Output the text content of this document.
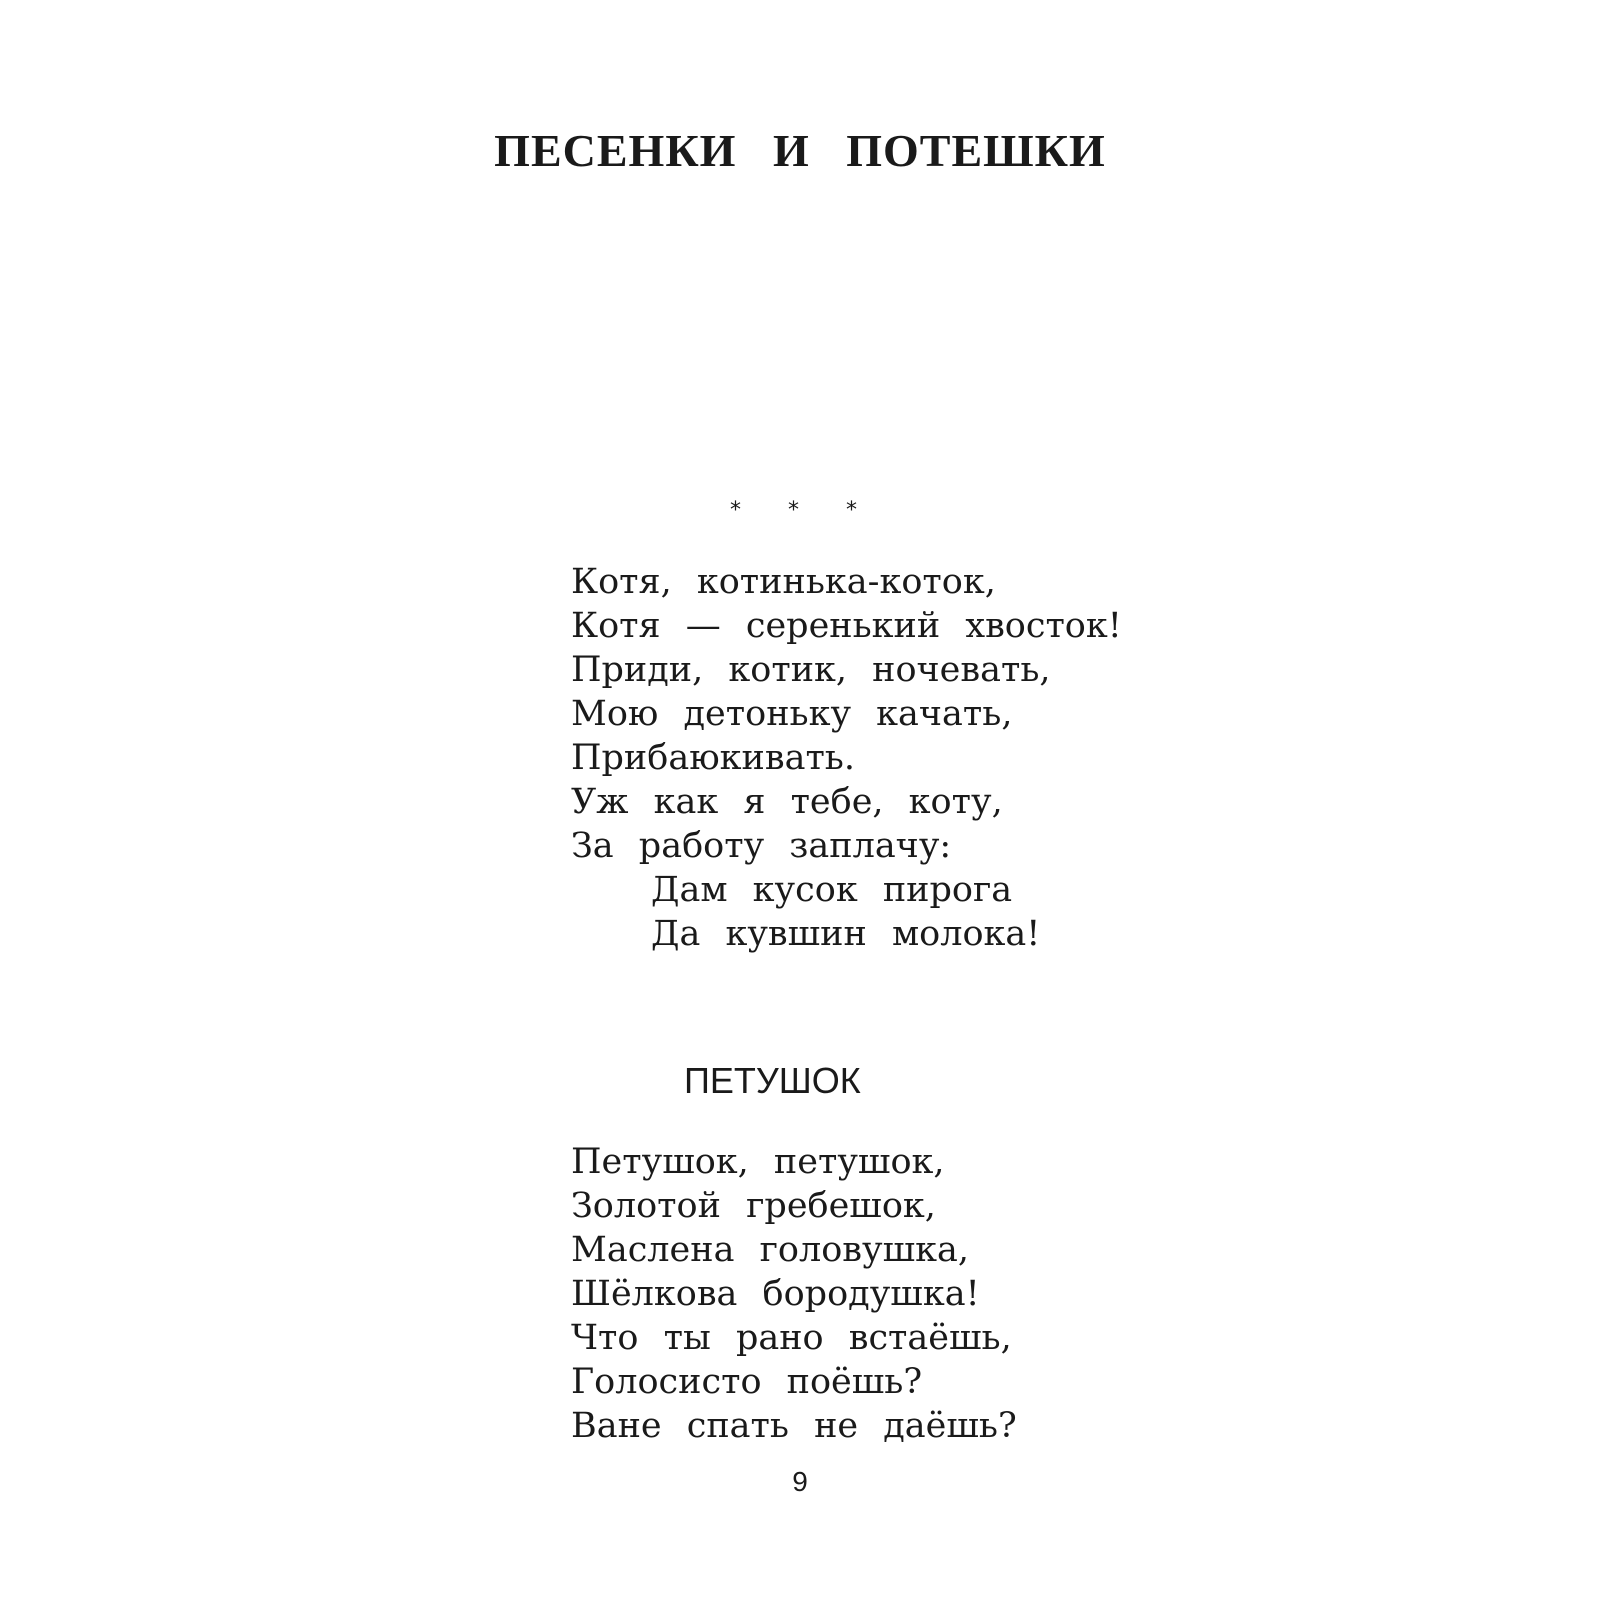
ПЕСЕНКИ И ПОТЕШКИ
* * *
Котя, котинька-коток,
Котя — серенький хвосток!
Приди, котик, ночевать,
Мою детоньку качать,
Прибаюкивать.
Уж как я тебе, коту,
За работу заплачу:
Дам кусок пирога
Да кувшин молока!
ПЕТУШОК
Петушок, петушок,
Золотой гребешок,
Маслена головушка,
Шёлкова бородушка!
Что ты рано встаёшь,
Голосисто поёшь?
Ване спать не даёшь?
9
